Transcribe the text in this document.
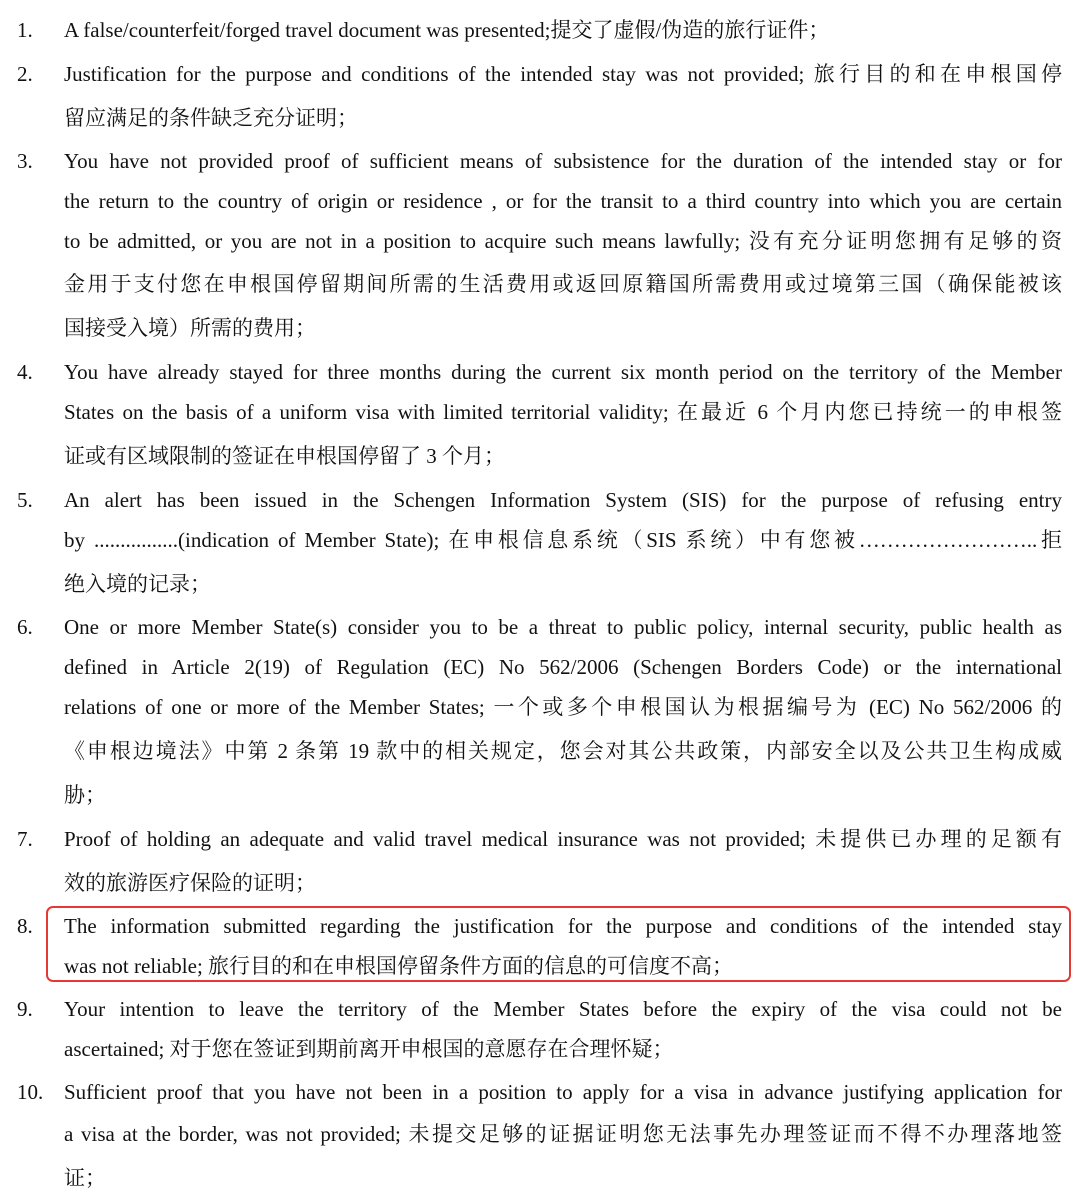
1. A false/counterfeit/forged travel document was presented;提交了虚假/伪造的旅行证件；
2. Justification for the purpose and conditions of the intended stay was not provided; 旅行目的和在申根国停
留应满足的条件缺乏充分证明；
3. You have not provided proof of sufficient means of subsistence for the duration of the intended stay or for
the return to the country of origin or residence , or for the transit to a third country into which you are certain
to be admitted, or you are not in a position to acquire such means lawfully; 没有充分证明您拥有足够的资
金用于支付您在申根国停留期间所需的生活费用或返回原籍国所需费用或过境第三国（确保能被该
国接受入境）所需的费用；
4. You have already stayed for three months during the current six month period on the territory of the Member
States on the basis of a uniform visa with limited territorial validity; 在最近 6 个月内您已持统一的申根签
证或有区域限制的签证在申根国停留了 3 个月；
5. An alert has been issued in the Schengen Information System (SIS) for the purpose of refusing entry
by ................(indication of Member State); 在申根信息系统（SIS 系统）中有您被……………………..拒
绝入境的记录；
6. One or more Member State(s) consider you to be a threat to public policy, internal security, public health as
defined in Article 2(19) of Regulation (EC) No 562/2006 (Schengen Borders Code) or the international
relations of one or more of the Member States; 一个或多个申根国认为根据编号为 (EC) No 562/2006 的
《申根边境法》中第 2 条第 19 款中的相关规定，您会对其公共政策，内部安全以及公共卫生构成威
胁；
7. Proof of holding an adequate and valid travel medical insurance was not provided; 未提供已办理的足额有
效的旅游医疗保险的证明；
8. The information submitted regarding the justification for the purpose and conditions of the intended stay
was not reliable; 旅行目的和在申根国停留条件方面的信息的可信度不高；
9. Your intention to leave the territory of the Member States before the expiry of the visa could not be
ascertained; 对于您在签证到期前离开申根国的意愿存在合理怀疑；
10. Sufficient proof that you have not been in a position to apply for a visa in advance justifying application for
a visa at the border, was not provided; 未提交足够的证据证明您无法事先办理签证而不得不办理落地签
证；
